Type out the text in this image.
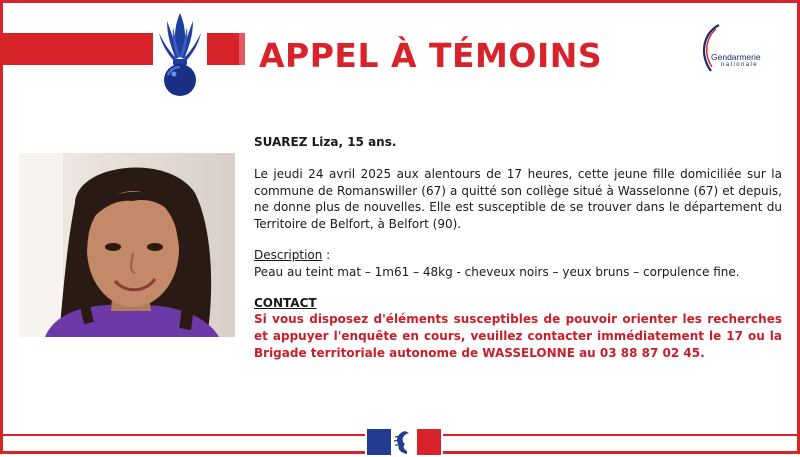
APPEL À TÉMOINS	Gendarmerie
nationale

SUAREZ Liza, 15 ans.

Le jeudi 24 avril 2025 aux alentours de 17 heures, cette jeune fille domiciliée sur la commune de Romanswiller (67) a quitté son collège situé à Wasselonne (67) et depuis, ne donne plus de nouvelles. Elle est susceptible de se trouver dans le département du Territoire de Belfort, à Belfort (90).

Description :

Peau au teint mat – 1m61 – 48kg - cheveux noirs – yeux bruns – corpulence fine.

CONTACT

Si vous disposez d'éléments susceptibles de pouvoir orienter les recherches et appuyer l'enquête en cours, veuillez contacter immédiatement le 17 ou la Brigade territoriale autonome de WASSELONNE au 03 88 87 02 45.
